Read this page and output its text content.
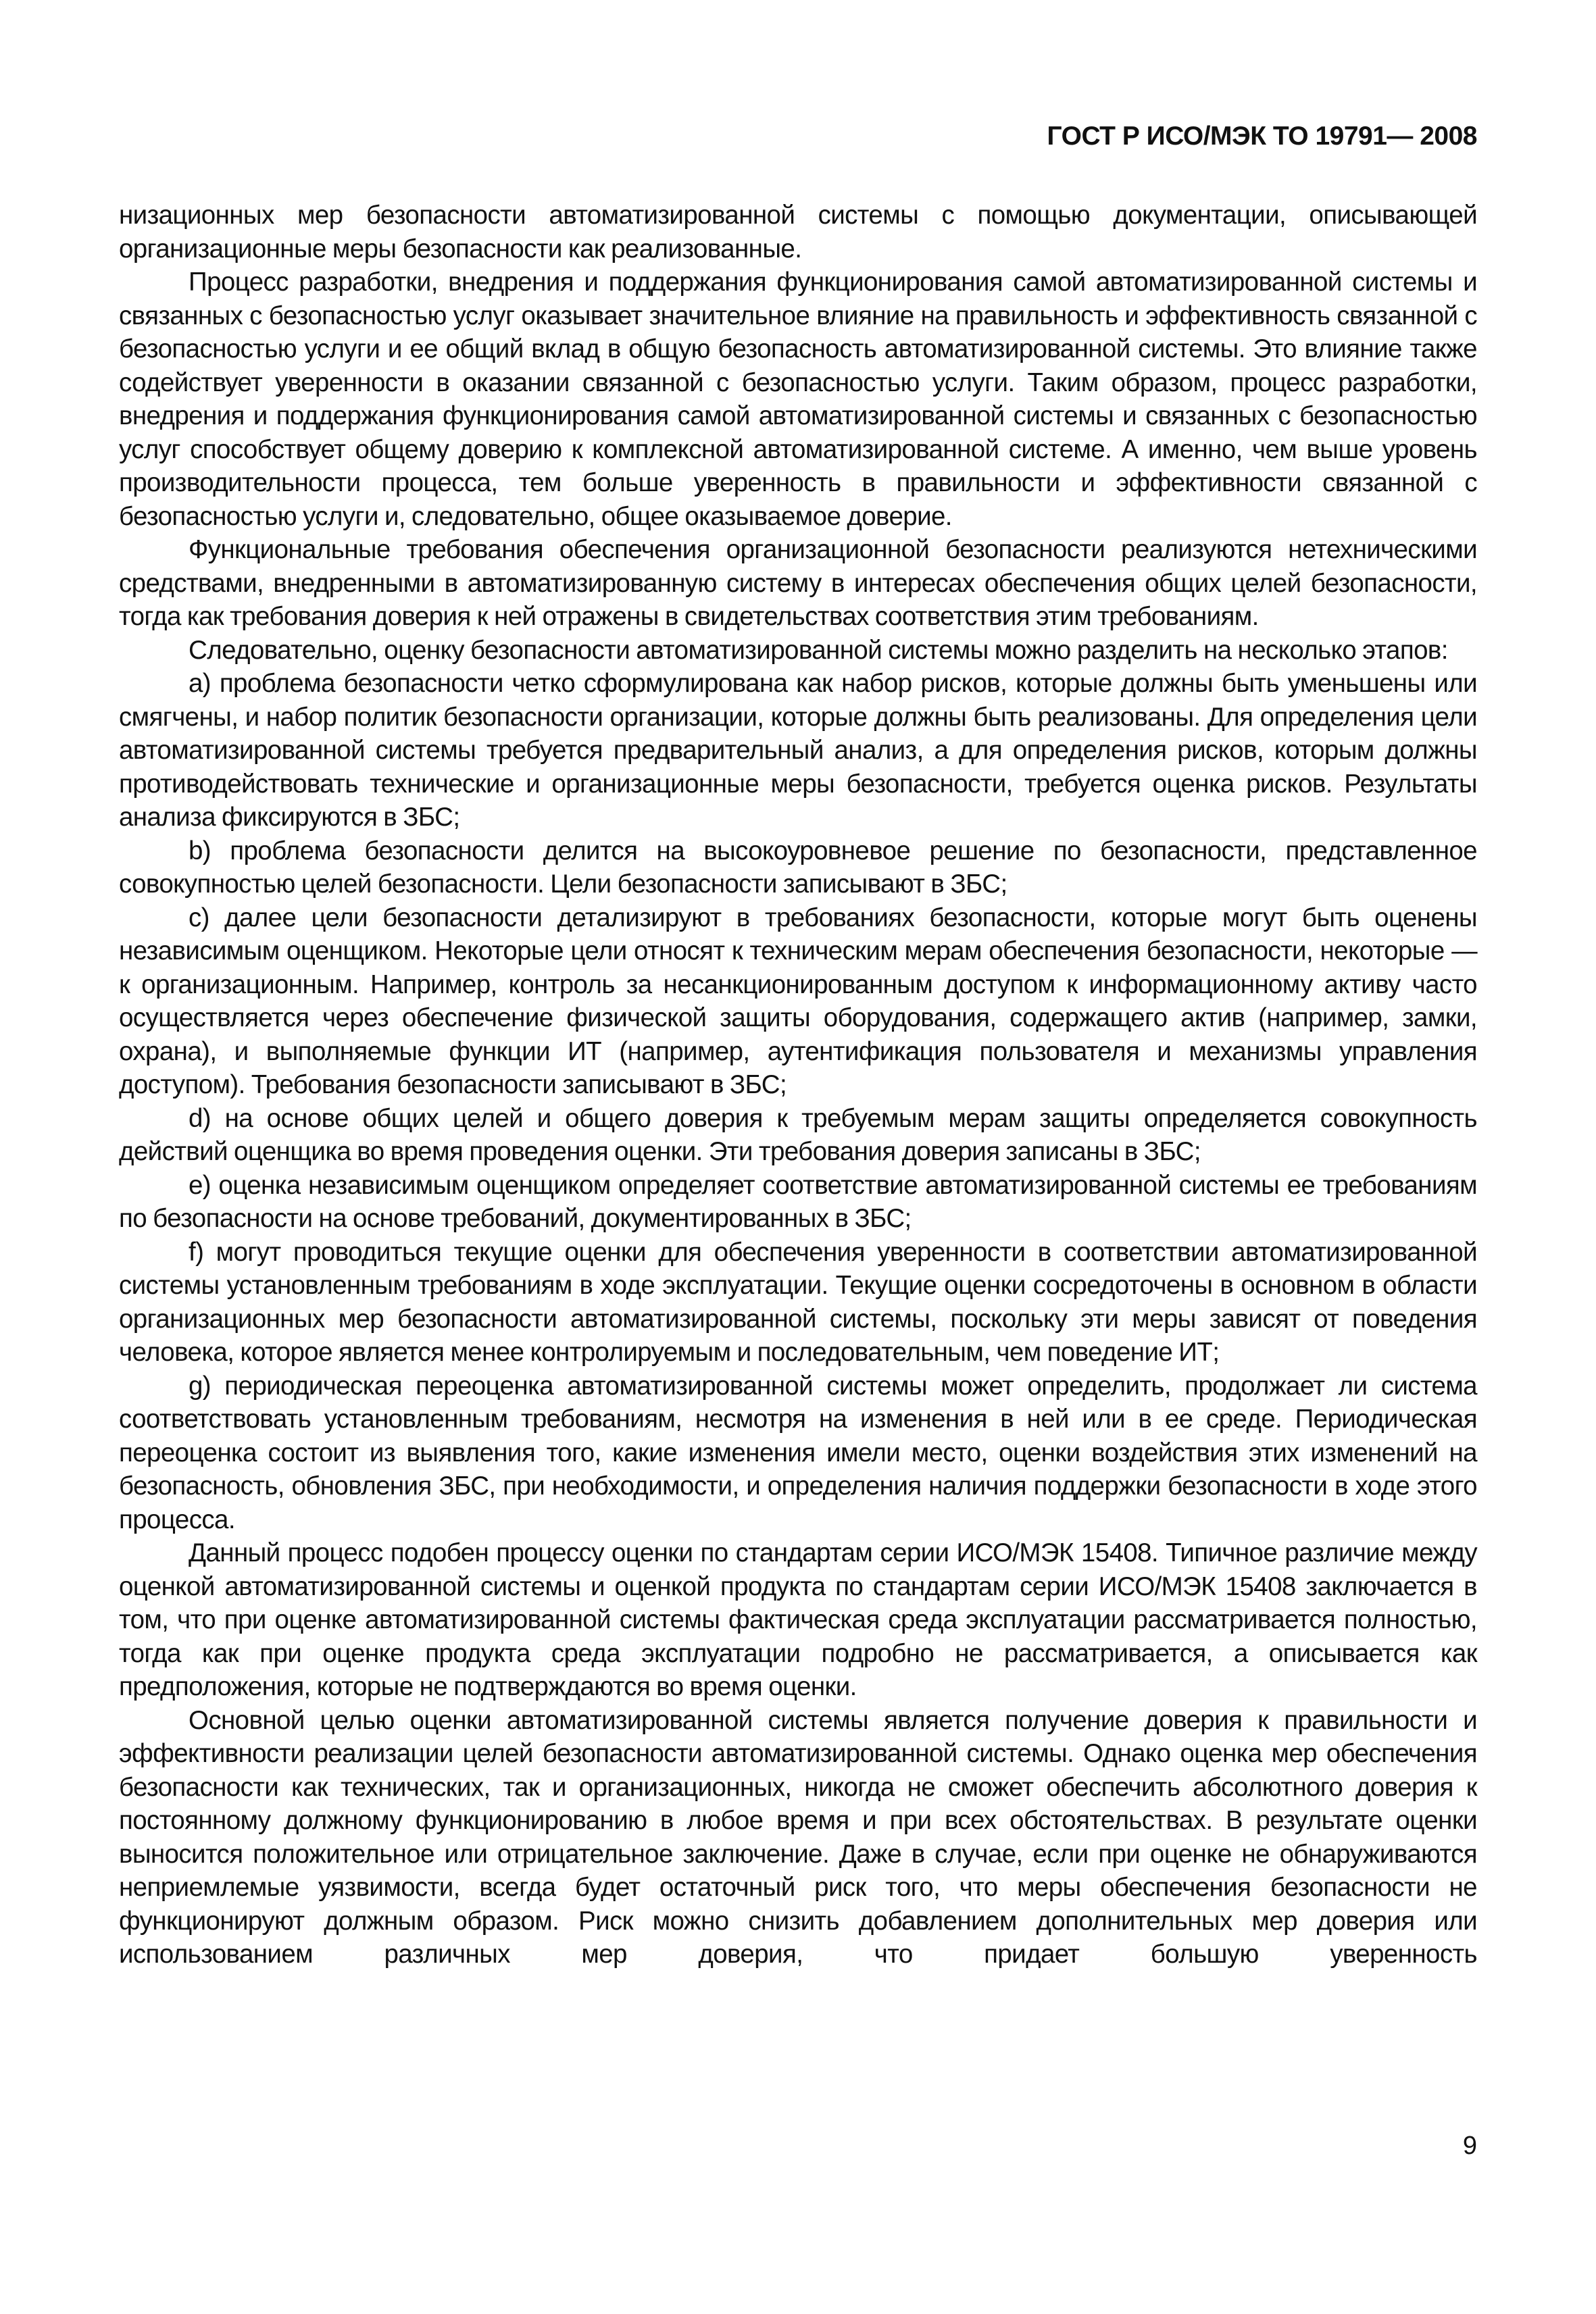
ГОСТ Р ИСО/МЭК ТО 19791— 2008

низационных мер безопасности автоматизированной системы с помощью документации, описывающей организационные меры безопасности как реализованные.

Процесс разработки, внедрения и поддержания функционирования самой автоматизированной системы и связанных с безопасностью услуг оказывает значительное влияние на правильность и эффективность связанной с безопасностью услуги и ее общий вклад в общую безопасность автоматизированной системы. Это влияние также содействует уверенности в оказании связанной с безопасностью услуги. Таким образом, процесс разработки, внедрения и поддержания функционирования самой автоматизированной системы и связанных с безопасностью услуг способствует общему доверию к комплексной автоматизированной системе. А именно, чем выше уровень производительности процесса, тем больше уверенность в правильности и эффективности связанной с безопасностью услуги и, следовательно, общее оказываемое доверие.

Функциональные требования обеспечения организационной безопасности реализуются нетехническими средствами, внедренными в автоматизированную систему в интересах обеспечения общих целей безопасности, тогда как требования доверия к ней отражены в свидетельствах соответствия этим требованиям.

Следовательно, оценку безопасности автоматизированной системы можно разделить на несколько этапов:

a) проблема безопасности четко сформулирована как набор рисков, которые должны быть уменьшены или смягчены, и набор политик безопасности организации, которые должны быть реализованы. Для определения цели автоматизированной системы требуется предварительный анализ, а для определения рисков, которым должны противодействовать технические и организационные меры безопасности, требуется оценка рисков. Результаты анализа фиксируются в ЗБС;

b) проблема безопасности делится на высокоуровневое решение по безопасности, представленное совокупностью целей безопасности. Цели безопасности записывают в ЗБС;

c) далее цели безопасности детализируют в требованиях безопасности, которые могут быть оценены независимым оценщиком. Некоторые цели относят к техническим мерам обеспечения безопасности, некоторые — к организационным. Например, контроль за несанкционированным доступом к информационному активу часто осуществляется через обеспечение физической защиты оборудования, содержащего актив (например, замки, охрана), и выполняемые функции ИТ (например, аутентификация пользователя и механизмы управления доступом). Требования безопасности записывают в ЗБС;

d) на основе общих целей и общего доверия к требуемым мерам защиты определяется совокупность действий оценщика во время проведения оценки. Эти требования доверия записаны в ЗБС;

e) оценка независимым оценщиком определяет соответствие автоматизированной системы ее требованиям по безопасности на основе требований, документированных в ЗБС;

f) могут проводиться текущие оценки для обеспечения уверенности в соответствии автоматизированной системы установленным требованиям в ходе эксплуатации. Текущие оценки сосредоточены в основном в области организационных мер безопасности автоматизированной системы, поскольку эти меры зависят от поведения человека, которое является менее контролируемым и последовательным, чем поведение ИТ;

g) периодическая переоценка автоматизированной системы может определить, продолжает ли система соответствовать установленным требованиям, несмотря на изменения в ней или в ее среде. Периодическая переоценка состоит из выявления того, какие изменения имели место, оценки воздействия этих изменений на безопасность, обновления ЗБС, при необходимости, и определения наличия поддержки безопасности в ходе этого процесса.

Данный процесс подобен процессу оценки по стандартам серии ИСО/МЭК 15408. Типичное различие между оценкой автоматизированной системы и оценкой продукта по стандартам серии ИСО/МЭК 15408 заключается в том, что при оценке автоматизированной системы фактическая среда эксплуатации рассматривается полностью, тогда как при оценке продукта среда эксплуатации подробно не рассматривается, а описывается как предположения, которые не подтверждаются во время оценки.

Основной целью оценки автоматизированной системы является получение доверия к правильности и эффективности реализации целей безопасности автоматизированной системы. Однако оценка мер обеспечения безопасности как технических, так и организационных, никогда не сможет обеспечить абсолютного доверия к постоянному должному функционированию в любое время и при всех обстоятельствах. В результате оценки выносится положительное или отрицательное заключение. Даже в случае, если при оценке не обнаруживаются неприемлемые уязвимости, всегда будет остаточный риск того, что меры обеспечения безопасности не функционируют должным образом. Риск можно снизить добавлением дополнительных мер доверия или использованием различных мер доверия, что придает большую уверенность

9
